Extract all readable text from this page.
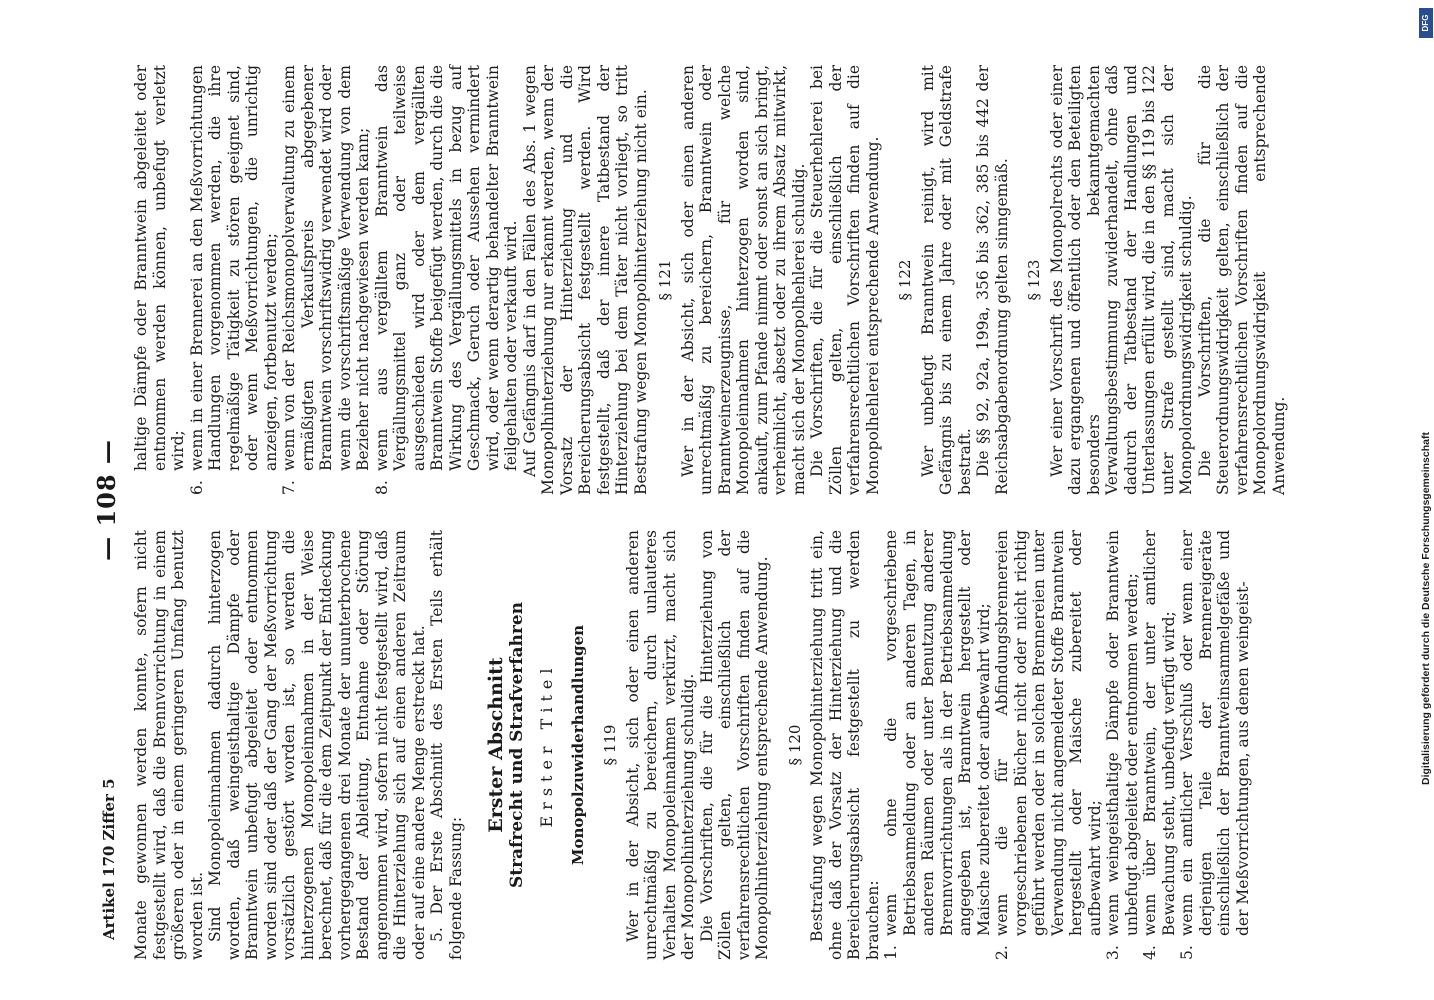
Artikel 170 Ziffer 5
— 108 —

Monate gewonnen werden konnte, sofern nicht festgestellt wird, daß die Brennvorrichtung in einem größeren oder in einem geringeren Umfang benutzt worden ist. Sind Monopoleinnahmen dadurch hinterzogen worden, daß weingeisthaltige Dämpfe oder Branntwein unbefugt abgeleitet oder entnommen worden sind oder daß der Gang der Meßvorrichtung vorsätzlich gestört worden ist, so werden die hinterzogenen Monopoleinnahmen in der Weise berechnet, daß für die dem Zeitpunkt der Entdeckung vorhergegangenen drei Monate der ununterbrochene Bestand der Ableitung, Entnahme oder Störung angenommen wird, sofern nicht festgestellt wird, daß die Hinterziehung sich auf einen anderen Zeitraum oder auf eine andere Menge erstreckt hat. 5. Der Erste Abschnitt des Ersten Teils erhält folgende Fassung:

Erster Abschnitt Strafrecht und Strafverfahren Erster Titel Monopolzuwiderhandlungen § 119 Wer in der Absicht, sich oder einen anderen unrechtmäßig zu bereichern, durch unlauteres Verhalten Monopoleinnahmen verkürzt, macht sich der Monopolhinterziehung schuldig. Die Vorschriften, die für die Hinterziehung von Zöllen gelten, einschließlich der verfahrensrechtlichen Vorschriften finden auf die Monopolhinterziehung entsprechende Anwendung. § 120 Bestrafung wegen Monopolhinterziehung tritt ein, ohne daß der Vorsatz der Hinterziehung und die Bereicherungsabsicht festgestellt zu werden brauchen: 1.
wenn ohne die vorgeschriebene Betriebsanmeldung oder an anderen Tagen, in anderen Räumen oder unter Benutzung anderer Brennvorrichtungen als in der Betriebsanmeldung angegeben ist, Branntwein hergestellt oder Maische zubereitet oder aufbewahrt wird;
2.
wenn die für Abfindungsbrennereien vorgeschriebenen Bücher nicht oder nicht richtig geführt werden oder in solchen Brennereien unter Verwendung nicht angemeldeter Stoffe Branntwein hergestellt oder Maische zubereitet oder aufbewahrt wird;
3.
wenn weingeisthaltige Dämpfe oder Branntwein unbefugt abgeleitet oder entnommen werden;
4.
wenn über Branntwein, der unter amtlicher Bewachung steht, unbefugt verfügt wird;
5.
wenn ein amtlicher Verschluß oder wenn einer derjenigen Teile der Brennereigeräte einschließlich der Branntweinsammelgefäße und der Meßvorrichtungen, aus denen weingeist-
haltige Dämpfe oder Branntwein abgeleitet oder entnommen werden können, unbefugt verletzt wird;
6.
wenn in einer Brennerei an den Meßvorrichtungen Handlungen vorgenommen werden, die ihre regelmäßige Tätigkeit zu stören geeignet sind, oder wenn Meßvorrichtungen, die unrichtig anzeigen, fortbenutzt werden;
7.
wenn von der Reichsmonopolverwaltung zu einem ermäßigten Verkaufspreis abgegebener Branntwein vorschriftswidrig verwendet wird oder wenn die vorschriftsmäßige Verwendung von dem Bezieher nicht nachgewiesen werden kann;
8.
wenn aus vergälltem Branntwein das Vergällungsmittel ganz oder teilweise ausgeschieden wird oder dem vergällten Branntwein Stoffe beigefügt werden, durch die die Wirkung des Vergällungsmittels in bezug auf Geschmack, Geruch oder Aussehen vermindert wird, oder wenn derartig behandelter Branntwein feilgehalten oder verkauft wird. Auf Gefängnis darf in den Fällen des Abs. 1 wegen Monopolhinterziehung nur erkannt werden, wenn der Vorsatz der Hinterziehung und die Bereicherungsabsicht festgestellt werden. Wird festgestellt, daß der innere Tatbestand der Hinterziehung bei dem Täter nicht vorliegt, so tritt Bestrafung wegen Monopolhinterziehung nicht ein. § 121 Wer in der Absicht, sich oder einen anderen unrechtmäßig zu bereichern, Branntwein oder Branntweinerzeugnisse, für welche Monopoleinnahmen hinterzogen worden sind, ankauft, zum Pfande nimmt oder sonst an sich bringt, verheimlicht, absetzt oder zu ihrem Absatz mitwirkt, macht sich der Monopolhehlerei schuldig. Die Vorschriften, die für die Steuerhehlerei bei Zöllen gelten, einschließlich der verfahrensrechtlichen Vorschriften finden auf die Monopolhehlerei entsprechende Anwendung. § 122 Wer unbefugt Branntwein reinigt, wird mit Gefängnis bis zu einem Jahre oder mit Geldstrafe bestraft. Die §§ 92, 92a, 199a, 356 bis 362, 385 bis 442 der Reichsabgabenordnung gelten sinngemäß. § 123 Wer einer Vorschrift des Monopolrechts oder einer dazu ergangenen und öffentlich oder den Beteiligten besonders bekanntgemachten Verwaltungsbestimmung zuwiderhandelt, ohne daß dadurch der Tatbestand der Handlungen und Unterlassungen erfüllt wird, die in den §§ 119 bis 122 unter Strafe gestellt sind, macht sich der Monopolordnungswidrigkeit schuldig. Die Vorschriften, die für die Steuerordnungswidrigkeit gelten, einschließlich der verfahrensrechtlichen Vorschriften finden auf die Monopolordnungswidrigkeit entsprechende Anwendung.

DFG
Digitalisierung gefördert durch die Deutsche Forschungsgemeinschaft
